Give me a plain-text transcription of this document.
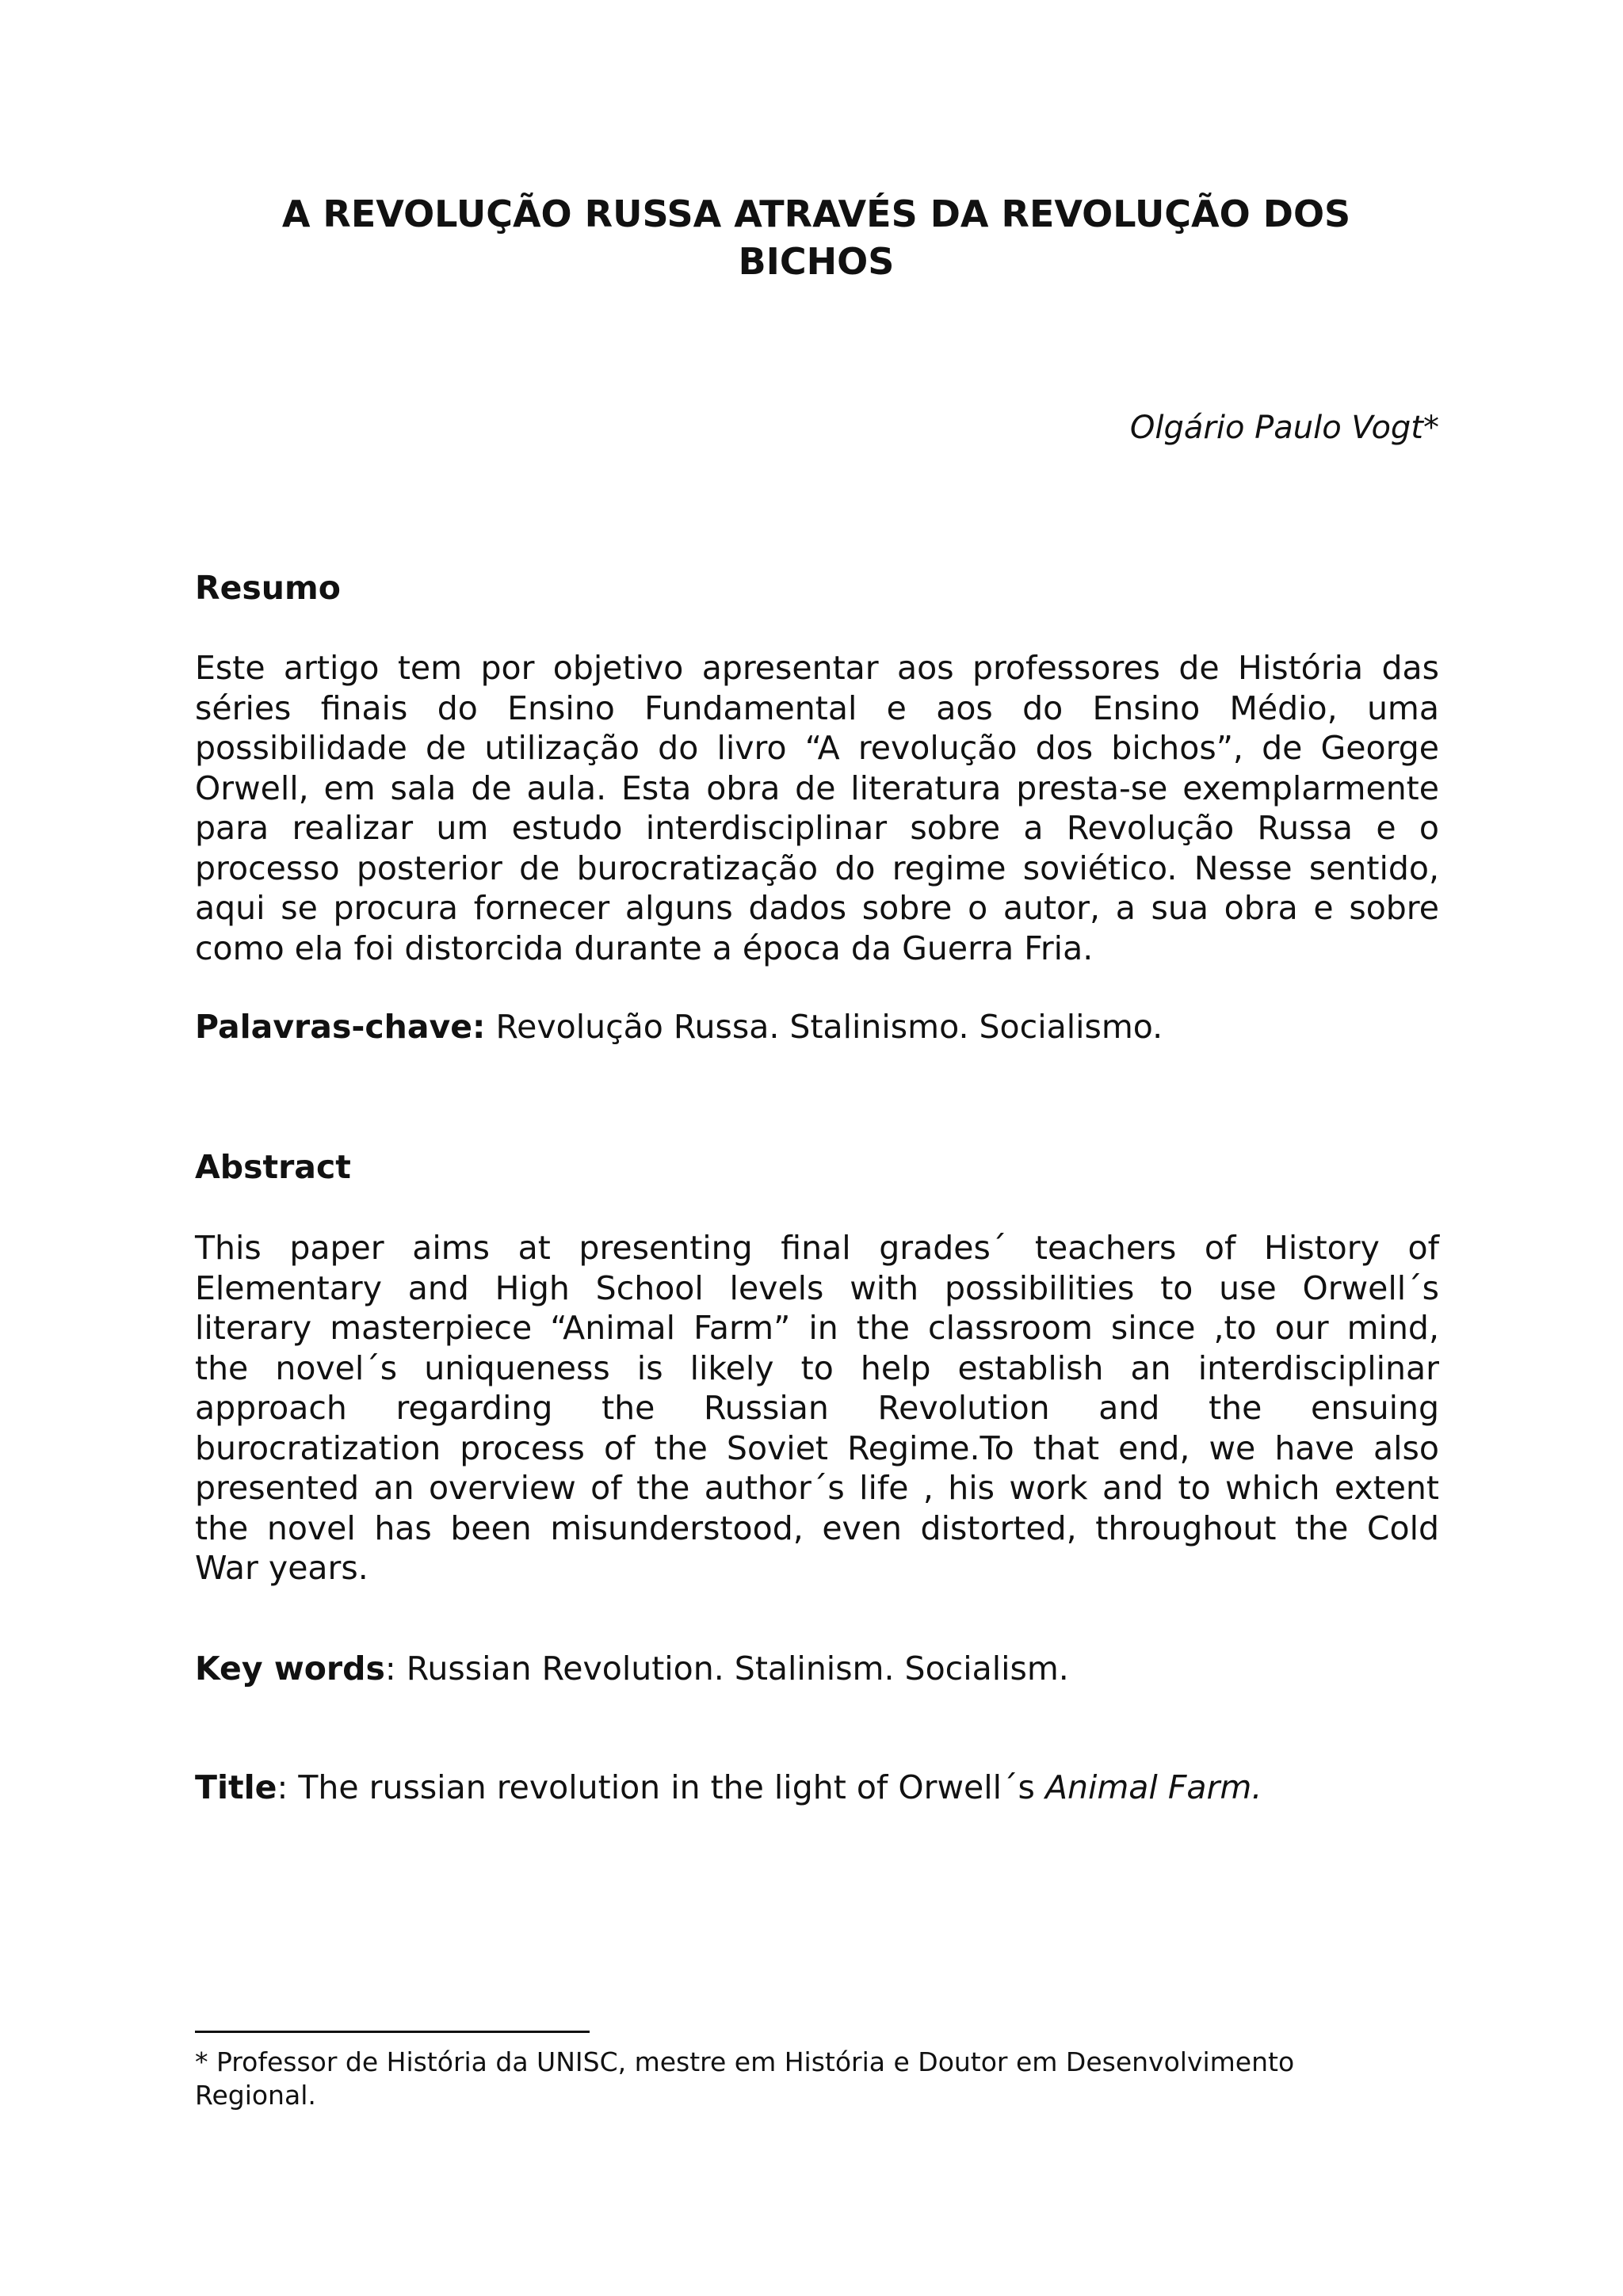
A REVOLUÇÃO RUSSA ATRAVÉS DA REVOLUÇÃO DOS
BICHOS

Olgário Paulo Vogt*

Resumo
Este artigo tem por objetivo apresentar aos professores de História das
séries finais do Ensino Fundamental e aos do Ensino Médio, uma
possibilidade de utilização do livro “A revolução dos bichos”, de George
Orwell, em sala de aula. Esta obra de literatura presta-se exemplarmente
para realizar um estudo interdisciplinar sobre a Revolução Russa e o
processo posterior de burocratização do regime soviético. Nesse sentido,
aqui se procura fornecer alguns dados sobre o autor, a sua obra e sobre
como ela foi distorcida durante a época da Guerra Fria.

Palavras-chave: Revolução Russa. Stalinismo. Socialismo.

Abstract
This paper aims at presenting final grades´ teachers of History of
Elementary and High School levels with possibilities to use Orwell´s
literary masterpiece “Animal Farm” in the classroom since ,to our mind,
the novel´s uniqueness is likely to help establish an interdisciplinar
approach regarding the Russian Revolution and the ensuing
burocratization process of the Soviet Regime.To that end, we have also
presented an overview of the author´s life , his work and to which extent
the novel has been misunderstood, even distorted, throughout the Cold
War years.

Key words: Russian Revolution. Stalinism. Socialism.

Title: The russian revolution in the light of Orwell´s Animal Farm.

* Professor de História da UNISC, mestre em História e Doutor em Desenvolvimento
Regional.
